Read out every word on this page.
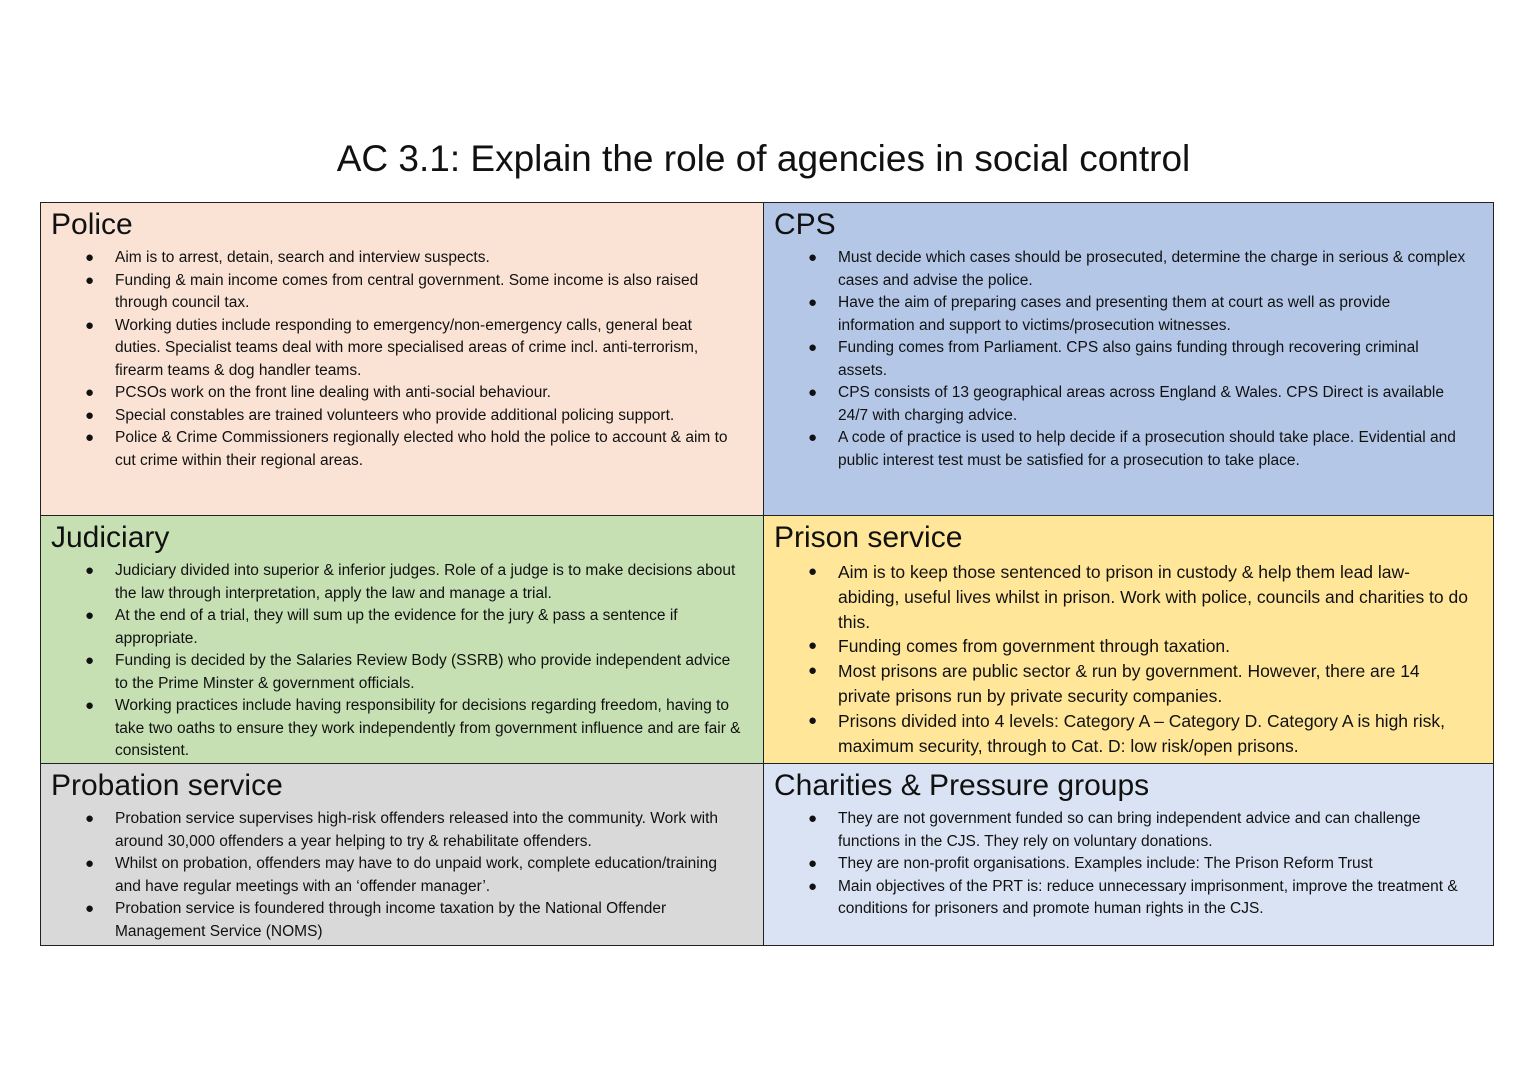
AC 3.1: Explain the role of agencies in social control
Police
● Aim is to arrest, detain, search and interview suspects.
● Funding & main income comes from central government. Some income is also raised through council tax.
● Working duties include responding to emergency/non-emergency calls, general beat duties. Specialist teams deal with more specialised areas of crime incl. anti-terrorism, firearm teams & dog handler teams.
● PCSOs work on the front line dealing with anti-social behaviour.
● Special constables are trained volunteers who provide additional policing support.
● Police & Crime Commissioners regionally elected who hold the police to account & aim to cut crime within their regional areas.
CPS
● Must decide which cases should be prosecuted, determine the charge in serious & complex cases and advise the police.
● Have the aim of preparing cases and presenting them at court as well as provide information and support to victims/prosecution witnesses.
● Funding comes from Parliament. CPS also gains funding through recovering criminal assets.
● CPS consists of 13 geographical areas across England & Wales. CPS Direct is available 24/7 with charging advice.
● A code of practice is used to help decide if a prosecution should take place. Evidential and public interest test must be satisfied for a prosecution to take place.
Judiciary
● Judiciary divided into superior & inferior judges. Role of a judge is to make decisions about the law through interpretation, apply the law and manage a trial.
● At the end of a trial, they will sum up the evidence for the jury & pass a sentence if appropriate.
● Funding is decided by the Salaries Review Body (SSRB) who provide independent advice to the Prime Minster & government officials.
● Working practices include having responsibility for decisions regarding freedom, having to take two oaths to ensure they work independently from government influence and are fair & consistent.
Prison service
● Aim is to keep those sentenced to prison in custody & help them lead law-abiding, useful lives whilst in prison. Work with police, councils and charities to do this.
● Funding comes from government through taxation.
● Most prisons are public sector & run by government. However, there are 14 private prisons run by private security companies.
● Prisons divided into 4 levels: Category A – Category D. Category A is high risk, maximum security, through to Cat. D: low risk/open prisons.
Probation service
● Probation service supervises high-risk offenders released into the community. Work with around 30,000 offenders a year helping to try & rehabilitate offenders.
● Whilst on probation, offenders may have to do unpaid work, complete education/training and have regular meetings with an ‘offender manager’.
● Probation service is foundered through income taxation by the National Offender Management Service (NOMS)
Charities & Pressure groups
● They are not government funded so can bring independent advice and can challenge functions in the CJS. They rely on voluntary donations.
● They are non-profit organisations. Examples include: The Prison Reform Trust
● Main objectives of the PRT is: reduce unnecessary imprisonment, improve the treatment & conditions for prisoners and promote human rights in the CJS.
